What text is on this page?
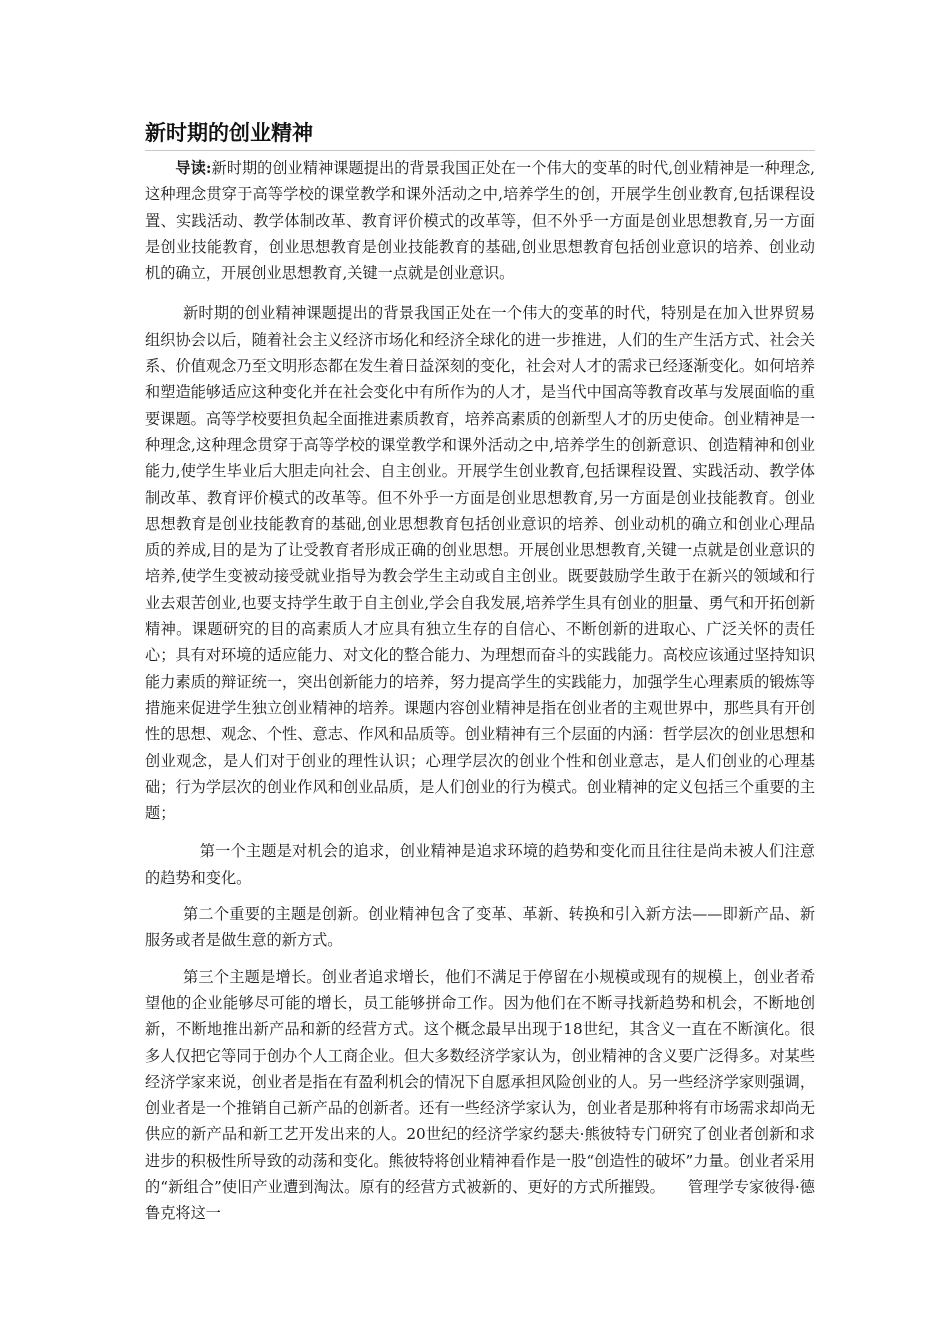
新时期的创业精神

导读:新时期的创业精神课题提出的背景我国正处在一个伟大的变革的时代,创业精神是一种理念,这种理念贯穿于高等学校的课堂教学和课外活动之中,培养学生的创，开展学生创业教育,包括课程设置、实践活动、教学体制改革、教育评价模式的改革等，但不外乎一方面是创业思想教育,另一方面是创业技能教育，创业思想教育是创业技能教育的基础,创业思想教育包括创业意识的培养、创业动机的确立，开展创业思想教育,关键一点就是创业意识。

新时期的创业精神课题提出的背景我国正处在一个伟大的变革的时代，特别是在加入世界贸易组织协会以后，随着社会主义经济市场化和经济全球化的进一步推进，人们的生产生活方式、社会关系、价值观念乃至文明形态都在发生着日益深刻的变化，社会对人才的需求已经逐渐变化。如何培养和塑造能够适应这种变化并在社会变化中有所作为的人才，是当代中国高等教育改革与发展面临的重要课题。高等学校要担负起全面推进素质教育，培养高素质的创新型人才的历史使命。创业精神是一种理念,这种理念贯穿于高等学校的课堂教学和课外活动之中,培养学生的创新意识、创造精神和创业能力,使学生毕业后大胆走向社会、自主创业。开展学生创业教育,包括课程设置、实践活动、教学体制改革、教育评价模式的改革等。但不外乎一方面是创业思想教育,另一方面是创业技能教育。创业思想教育是创业技能教育的基础,创业思想教育包括创业意识的培养、创业动机的确立和创业心理品质的养成,目的是为了让受教育者形成正确的创业思想。开展创业思想教育,关键一点就是创业意识的培养,使学生变被动接受就业指导为教会学生主动或自主创业。既要鼓励学生敢于在新兴的领域和行业去艰苦创业,也要支持学生敢于自主创业,学会自我发展,培养学生具有创业的胆量、勇气和开拓创新精神。课题研究的目的高素质人才应具有独立生存的自信心、不断创新的进取心、广泛关怀的责任心；具有对环境的适应能力、对文化的整合能力、为理想而奋斗的实践能力。高校应该通过坚持知识能力素质的辩证统一，突出创新能力的培养，努力提高学生的实践能力，加强学生心理素质的锻炼等措施来促进学生独立创业精神的培养。课题内容创业精神是指在创业者的主观世界中，那些具有开创性的思想、观念、个性、意志、作风和品质等。创业精神有三个层面的内涵：哲学层次的创业思想和创业观念，是人们对于创业的理性认识；心理学层次的创业个性和创业意志，是人们创业的心理基础；行为学层次的创业作风和创业品质，是人们创业的行为模式。创业精神的定义包括三个重要的主题；

第一个主题是对机会的追求，创业精神是追求环境的趋势和变化而且往往是尚未被人们注意的趋势和变化。

第二个重要的主题是创新。创业精神包含了变革、革新、转换和引入新方法——即新产品、新服务或者是做生意的新方式。

第三个主题是增长。创业者追求增长，他们不满足于停留在小规模或现有的规模上，创业者希望他的企业能够尽可能的增长，员工能够拼命工作。因为他们在不断寻找新趋势和机会，不断地创新，不断地推出新产品和新的经营方式。这个概念最早出现于18世纪，其含义一直在不断演化。很多人仅把它等同于创办个人工商企业。但大多数经济学家认为，创业精神的含义要广泛得多。对某些经济学家来说，创业者是指在有盈利机会的情况下自愿承担风险创业的人。另一些经济学家则强调，创业者是一个推销自己新产品的创新者。还有一些经济学家认为，创业者是那种将有市场需求却尚无供应的新产品和新工艺开发出来的人。20世纪的经济学家约瑟夫·熊彼特专门研究了创业者创新和求进步的积极性所导致的动荡和变化。熊彼特将创业精神看作是一股“创造性的破坏”力量。创业者采用的“新组合”使旧产业遭到淘汰。原有的经营方式被新的、更好的方式所摧毁。　　管理学专家彼得·德鲁克将这一
